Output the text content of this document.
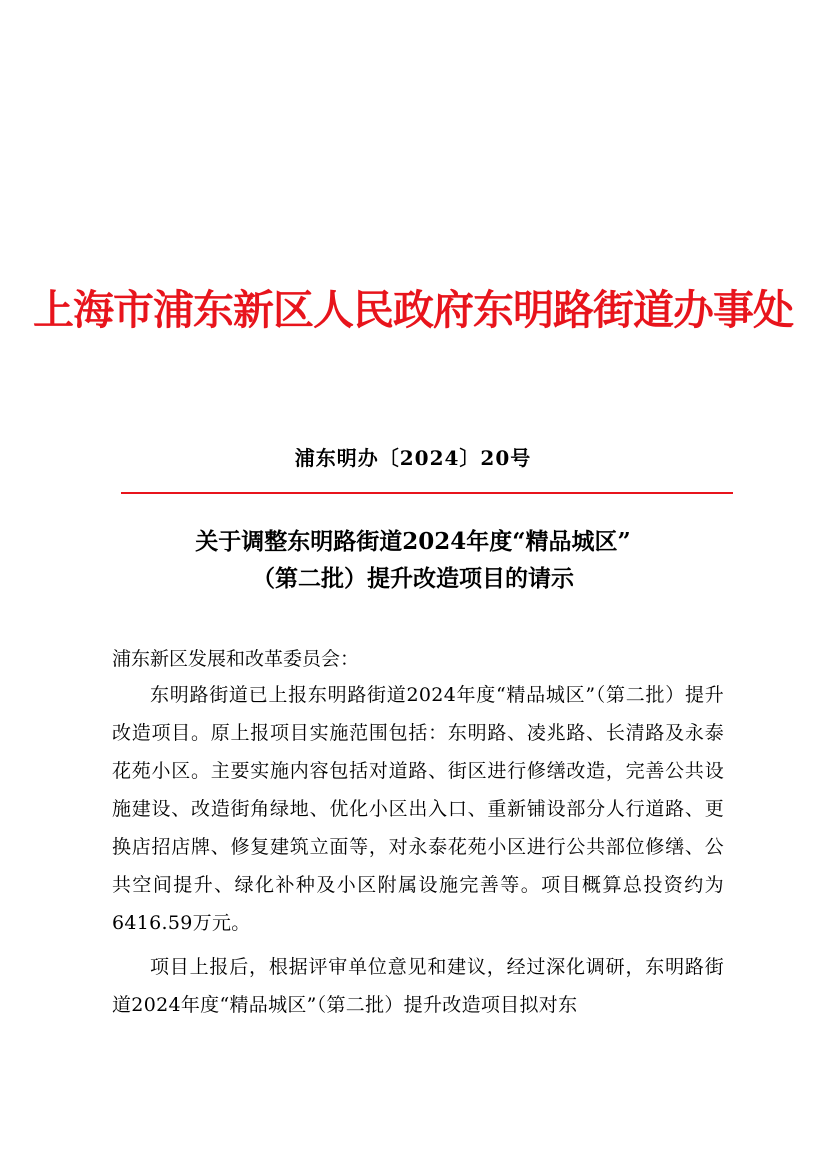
上海市浦东新区人民政府东明路街道办事处
浦东明办〔2024〕20号
关于调整东明路街道2024年度“精品城区”
（第二批）提升改造项目的请示
浦东新区发展和改革委员会：
东明路街道已上报东明路街道2024年度“精品城区”（第二批）提升改造项目。原上报项目实施范围包括：东明路、凌兆路、长清路及永泰花苑小区。主要实施内容包括对道路、街区进行修缮改造，完善公共设施建设、改造街角绿地、优化小区出入口、重新铺设部分人行道路、更换店招店牌、修复建筑立面等，对永泰花苑小区进行公共部位修缮、公共空间提升、绿化补种及小区附属设施完善等。项目概算总投资约为6416.59万元。
项目上报后，根据评审单位意见和建议，经过深化调研，东明路街道2024年度“精品城区”（第二批）提升改造项目拟对东
